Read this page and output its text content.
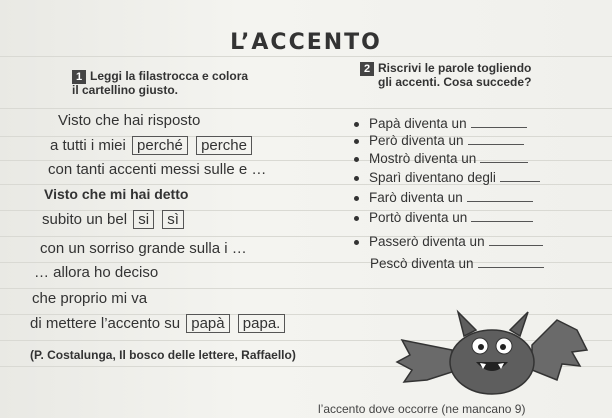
L’ACCENTO
1 Leggi la filastrocca e colora
il cartellino giusto.
2 Riscrivi le parole togliendo
gli accenti. Cosa succede?
Visto che hai risposto
a tutti i miei perché perche
con tanti accenti messi sulle e …
Visto che mi hai detto
subito un bel si sì
con un sorriso grande sulla i …
… allora ho deciso
che proprio mi va
di mettere l’accento su papà papa.
(P. Costalunga, Il bosco delle lettere, Raffaello)
Papà diventa un
Però diventa un
Mostrò diventa un
Sparì diventano degli
Farò diventa un
Portò diventa un
Passerò diventa un
Pescò diventa un
l’accento dove occorre (ne mancano 9)
